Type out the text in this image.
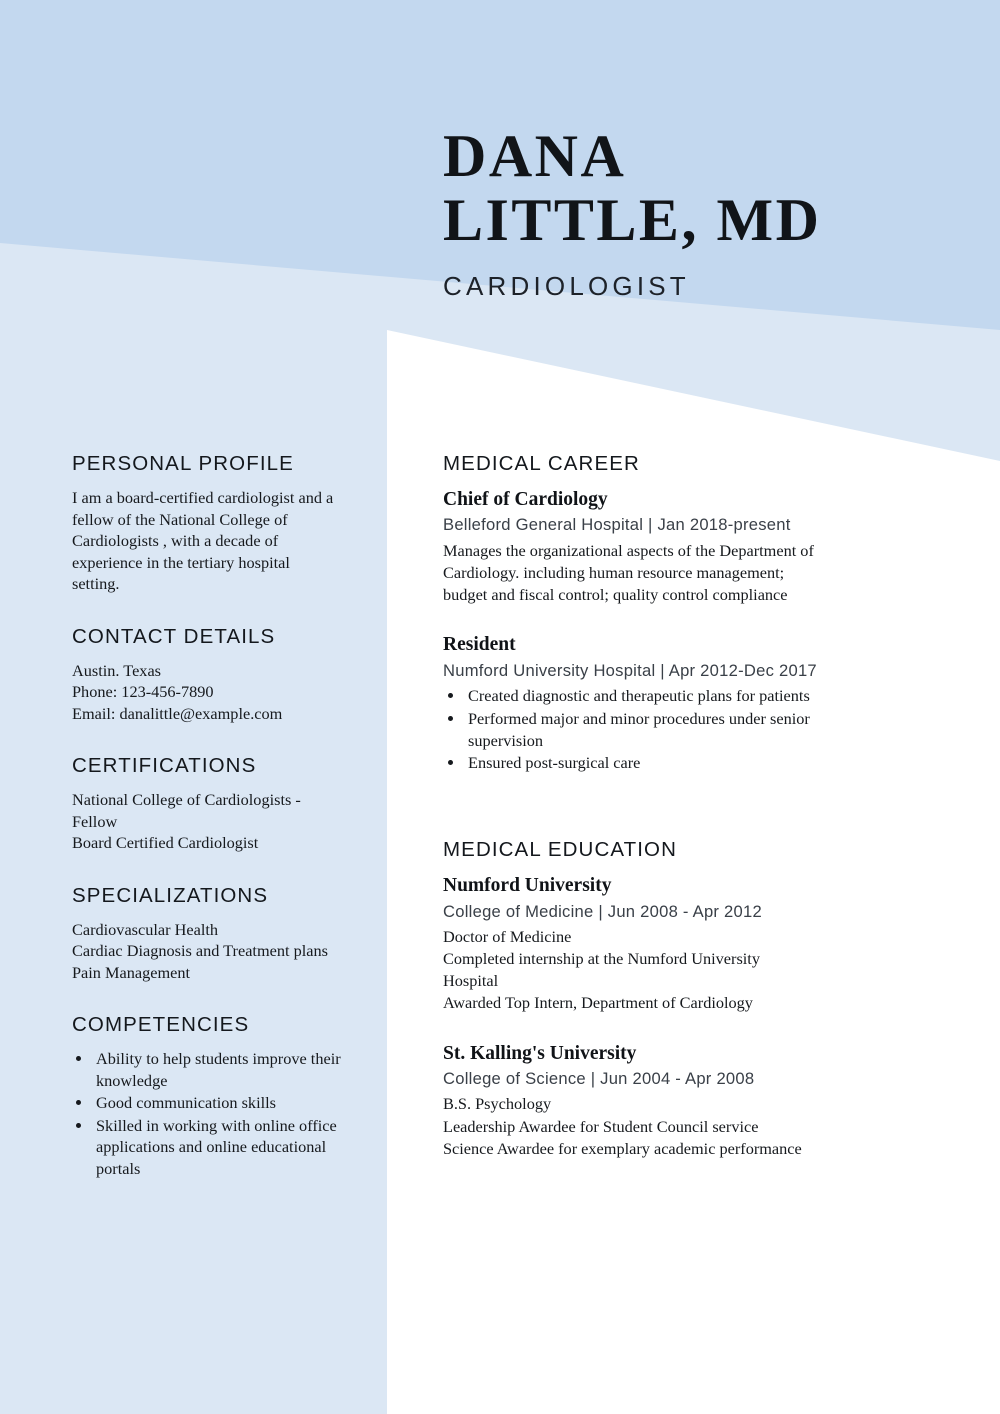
DANA
LITTLE, MD
CARDIOLOGIST
PERSONAL PROFILE
I am a board-certified cardiologist and a
fellow of the National College of
Cardiologists , with a decade of
experience in the tertiary hospital
setting.
CONTACT DETAILS
Austin. Texas
Phone: 123-456-7890
Email: danalittle@example.com
CERTIFICATIONS
National College of Cardiologists -
Fellow
Board Certified Cardiologist
SPECIALIZATIONS
Cardiovascular Health
Cardiac Diagnosis and Treatment plans
Pain Management
COMPETENCIES
• Ability to help students improve their knowledge
• Good communication skills
• Skilled in working with online office applications and online educational portals
MEDICAL CAREER
Chief of Cardiology
Belleford General Hospital | Jan 2018-present
Manages the organizational aspects of the Department of
Cardiology. including human resource management;
budget and fiscal control; quality control compliance
Resident
Numford University Hospital | Apr 2012-Dec 2017
• Created diagnostic and therapeutic plans for patients
• Performed major and minor procedures under senior supervision
• Ensured post-surgical care
MEDICAL EDUCATION
Numford University
College of Medicine | Jun 2008 - Apr 2012
Doctor of Medicine
Completed internship at the Numford University
Hospital
Awarded Top Intern, Department of Cardiology
St. Kalling's University
College of Science | Jun 2004 - Apr 2008
B.S. Psychology
Leadership Awardee for Student Council service
Science Awardee for exemplary academic performance
